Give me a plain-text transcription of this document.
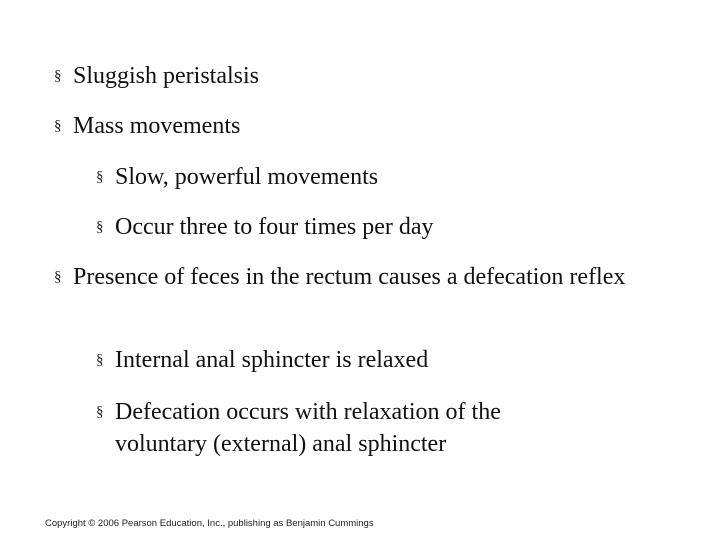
§ Sluggish peristalsis
§ Mass movements
§ Slow, powerful movements
§ Occur three to four times per day
§ Presence of feces in the rectum causes a defecation reflex
§ Internal anal sphincter is relaxed
§ Defecation occurs with relaxation of the voluntary (external) anal sphincter
Copyright © 2006 Pearson Education, Inc., publishing as Benjamin Cummings
